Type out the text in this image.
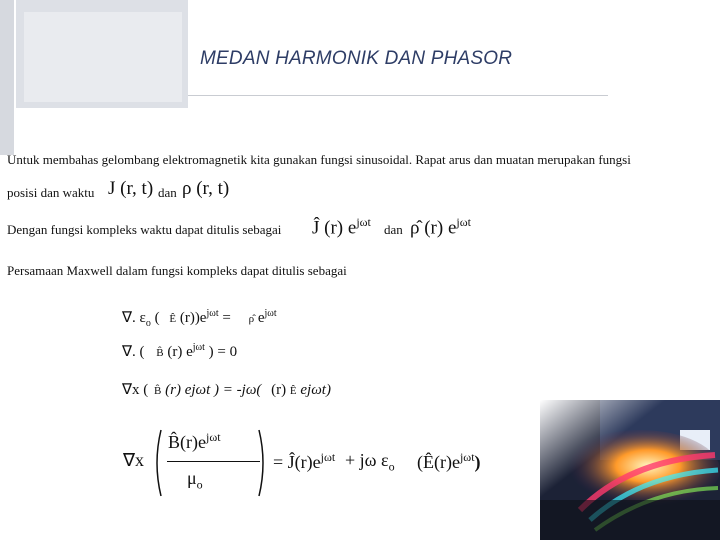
MEDAN HARMONIK DAN PHASOR
Untuk membahas gelombang elektromagnetik kita gunakan fungsi sinusoidal. Rapat arus dan muatan merupakan fungsi
posisi dan waktu J (r, t) dan ρ (r, t)
Dengan fungsi kompleks waktu dapat ditulis sebagai Ĵ (r) $e^{j\omega t}$ dan ρ̂ (r) $e^{j\omega t}$
Persamaan Maxwell dalam fungsi kompleks dapat ditulis sebagai
∇. $\varepsilon_o$ ( Ê $(r))e^{j\omega t}$ = ρ̂ $e^{j\omega t}$
∇. ( B̂ (r) $e^{j\omega t}$ ) = 0
∇x ( B̂ (r) ejωt ) = -jω( (r) Ê ejωt)
∇x
$B̂(r)e^{j\omega t}$
$\mu_o$
= $Ĵ(r)e^{j\omega t} + j\omega$ $\varepsilon_o$ $(Ê(r)e^{j\omega t})$
